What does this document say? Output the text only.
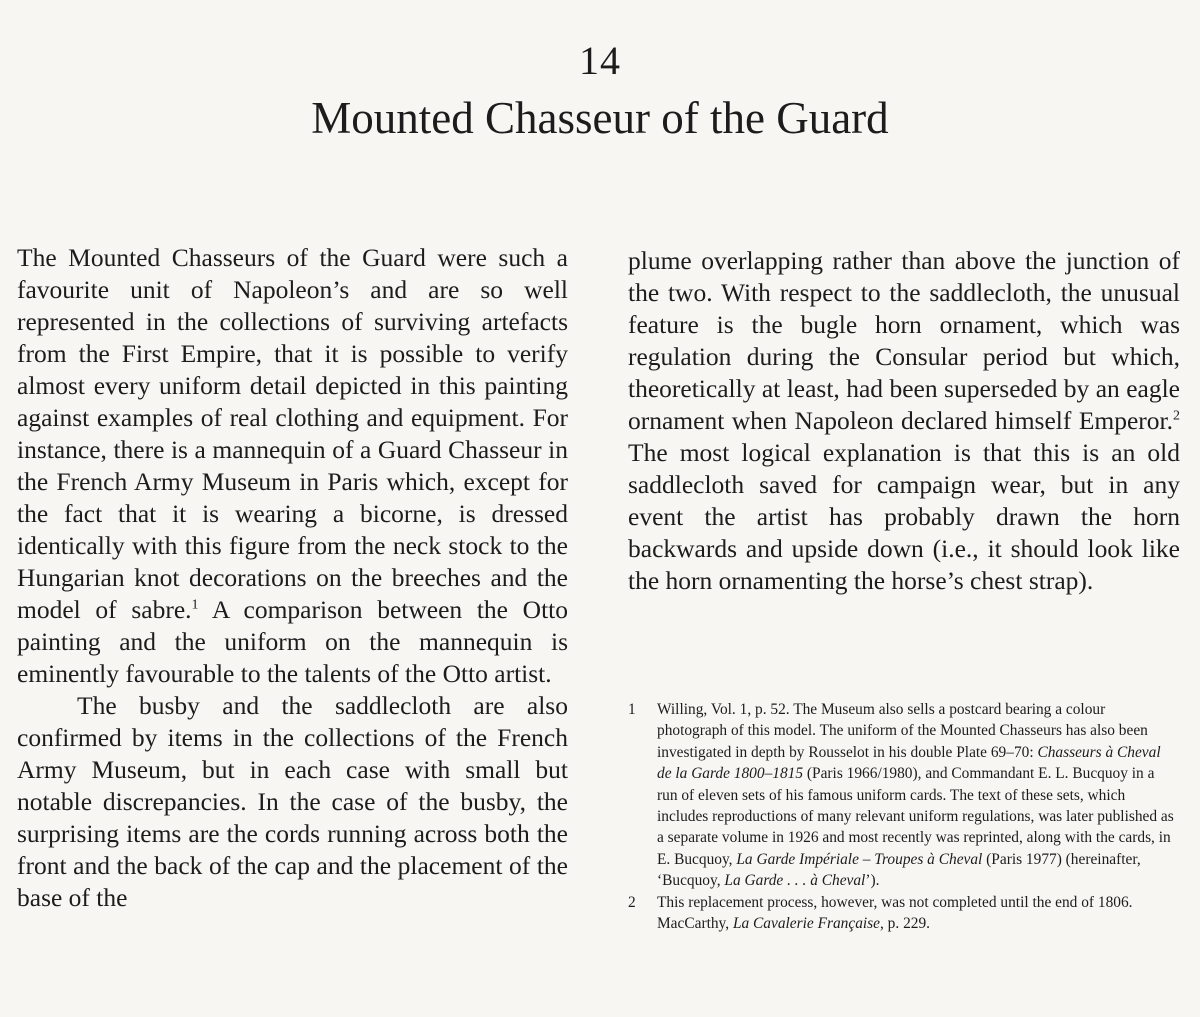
14
Mounted Chasseur of the Guard

The Mounted Chasseurs of the Guard were such a favourite unit of Napoleon’s and are so well represented in the collections of surviving artefacts from the First Empire, that it is possible to verify almost every uniform detail depicted in this painting against examples of real clothing and equipment. For instance, there is a mannequin of a Guard Chasseur in the French Army Museum in Paris which, except for the fact that it is wearing a bicorne, is dressed identically with this figure from the neck stock to the Hungarian knot decorations on the breeches and the model of sabre.$^1$ A comparison between the Otto painting and the uniform on the mannequin is eminently favourable to the talents of the Otto artist.

The busby and the saddlecloth are also confirmed by items in the collections of the French Army Museum, but in each case with small but notable discrepancies. In the case of the busby, the surprising items are the cords running across both the front and the back of the cap and the placement of the base of the

plume overlapping rather than above the junction of the two. With respect to the saddlecloth, the unusual feature is the bugle horn ornament, which was regulation during the Consular period but which, theoretically at least, had been superseded by an eagle ornament when Napoleon declared himself Emperor.$^2$ The most logical explanation is that this is an old saddlecloth saved for campaign wear, but in any event the artist has probably drawn the horn backwards and upside down (i.e., it should look like the horn ornamenting the horse’s chest strap).

1 Willing, Vol. 1, p. 52. The Museum also sells a postcard bearing a colour photograph of this model. The uniform of the Mounted Chasseurs has also been investigated in depth by Rousselot in his double Plate 69–70: Chasseurs à Cheval de la Garde 1800–1815 (Paris 1966/1980), and Commandant E. L. Bucquoy in a run of eleven sets of his famous uniform cards. The text of these sets, which includes reproductions of many relevant uniform regulations, was later published as a separate volume in 1926 and most recently was reprinted, along with the cards, in E. Bucquoy, La Garde Impériale – Troupes à Cheval (Paris 1977) (hereinafter, ‘Bucquoy, La Garde . . . à Cheval’).
2 This replacement process, however, was not completed until the end of 1806. MacCarthy, La Cavalerie Française, p. 229.
